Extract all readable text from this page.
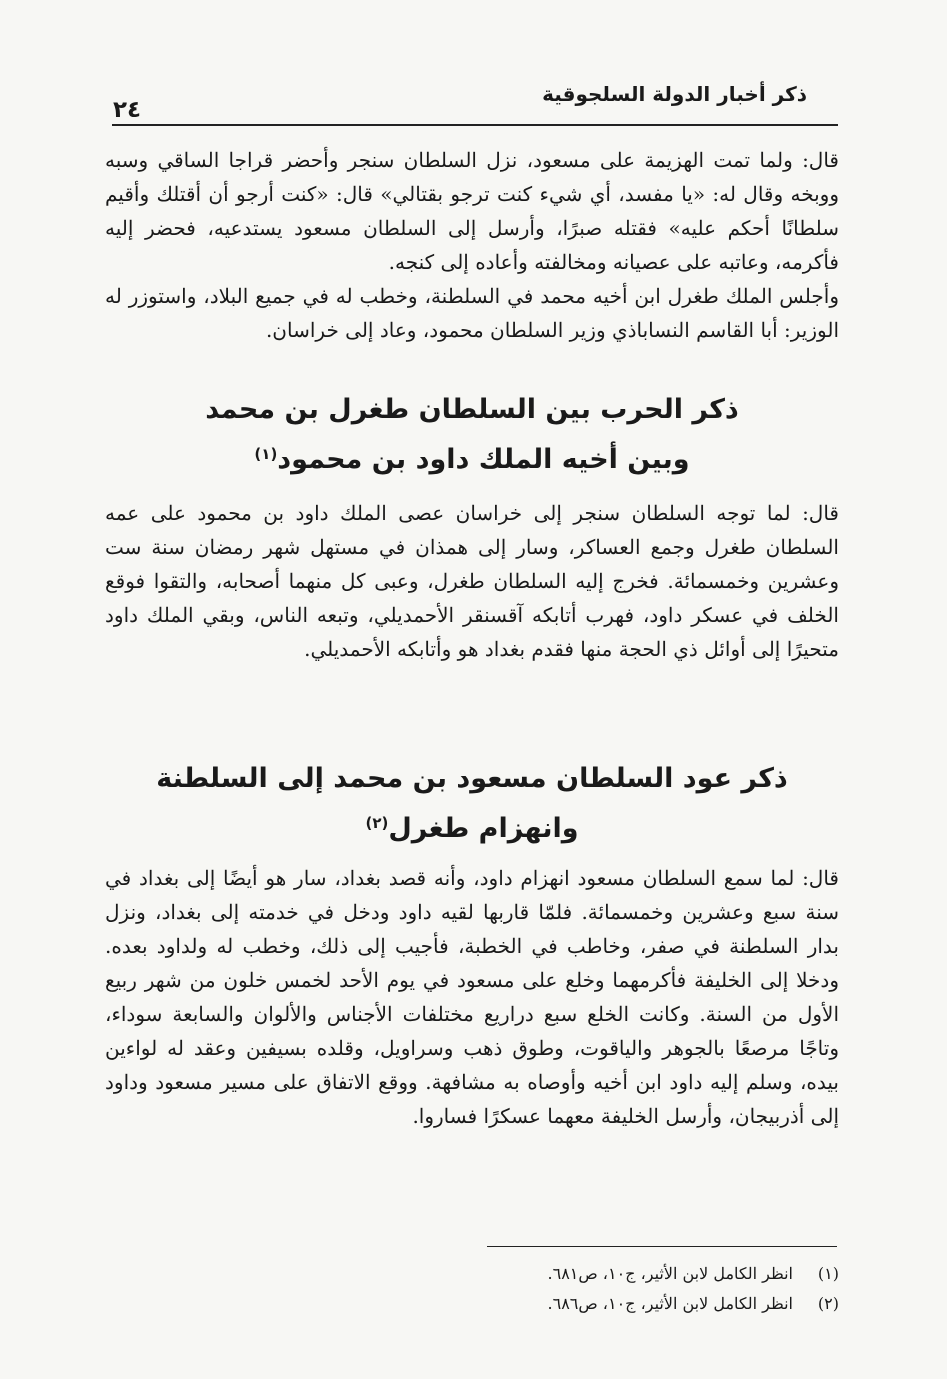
ذكر أخبار الدولة السلجوقية
٢٤

قال: ولما تمت الهزيمة على مسعود، نزل السلطان سنجر وأحضر قراجا الساقي وسبه ووبخه وقال له: «يا مفسد، أي شيء كنت ترجو بقتالي» قال: «كنت أرجو أن أقتلك وأقيم سلطانًا أحكم عليه» فقتله صبرًا، وأرسل إلى السلطان مسعود يستدعيه، فحضر إليه فأكرمه، وعاتبه على عصيانه ومخالفته وأعاده إلى كنجه.

وأجلس الملك طغرل ابن أخيه محمد في السلطنة، وخطب له في جميع البلاد، واستوزر له الوزير: أبا القاسم النساباذي وزير السلطان محمود، وعاد إلى خراسان.

ذكر الحرب بين السلطان طغرل بن محمد
وبين أخيه الملك داود بن محمود$^{(١)}$

قال: لما توجه السلطان سنجر إلى خراسان عصى الملك داود بن محمود على عمه السلطان طغرل وجمع العساكر، وسار إلى همذان في مستهل شهر رمضان سنة ست وعشرين وخمسمائة. فخرج إليه السلطان طغرل، وعبى كل منهما أصحابه، والتقوا فوقع الخلف في عسكر داود، فهرب أتابكه آقسنقر الأحمديلي، وتبعه الناس، وبقي الملك داود متحيرًا إلى أوائل ذي الحجة منها فقدم بغداد هو وأتابكه الأحمديلي.

ذكر عود السلطان مسعود بن محمد إلى السلطنة
وانهزام طغرل$^{(٢)}$

قال: لما سمع السلطان مسعود انهزام داود، وأنه قصد بغداد، سار هو أيضًا إلى بغداد في سنة سبع وعشرين وخمسمائة. فلمّا قاربها لقيه داود ودخل في خدمته إلى بغداد، ونزل بدار السلطنة في صفر، وخاطب في الخطبة، فأجيب إلى ذلك، وخطب له ولداود بعده. ودخلا إلى الخليفة فأكرمهما وخلع على مسعود في يوم الأحد لخمس خلون من شهر ربيع الأول من السنة. وكانت الخلع سبع دراريع مختلفات الأجناس والألوان والسابعة سوداء، وتاجًا مرصعًا بالجوهر والياقوت، وطوق ذهب وسراويل، وقلده بسيفين وعقد له لواءين بيده، وسلم إليه داود ابن أخيه وأوصاه به مشافهة. ووقع الاتفاق على مسير مسعود وداود إلى أذربيجان، وأرسل الخليفة معهما عسكرًا فساروا.

(١)
انظر الكامل لابن الأثير، ج١٠، ص٦٨١.
(٢)
انظر الكامل لابن الأثير، ج١٠، ص٦٨٦.
